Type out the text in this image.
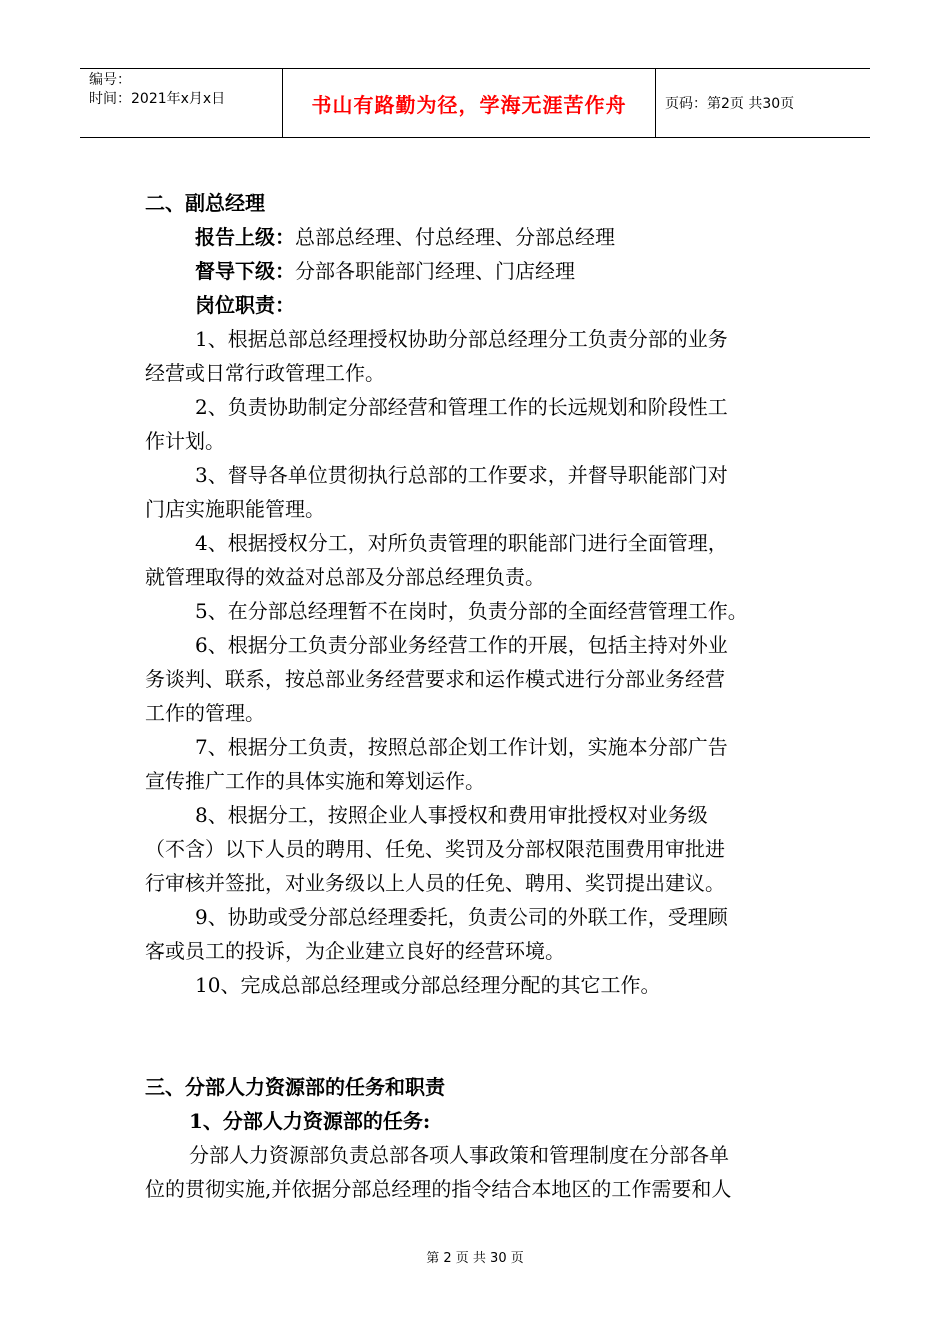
编号：
时间：2021年x月x日	书山有路勤为径，学海无涯苦作舟	页码：第2页 共30页
二、副总经理
报告上级：总部总经理、付总经理、分部总经理
督导下级：分部各职能部门经理、门店经理
岗位职责：
1、根据总部总经理授权协助分部总经理分工负责分部的业务
经营或日常行政管理工作。
2、负责协助制定分部经营和管理工作的长远规划和阶段性工
作计划。
3、督导各单位贯彻执行总部的工作要求，并督导职能部门对
门店实施职能管理。
4、根据授权分工，对所负责管理的职能部门进行全面管理，
就管理取得的效益对总部及分部总经理负责。
5、在分部总经理暂不在岗时，负责分部的全面经营管理工作。
6、根据分工负责分部业务经营工作的开展，包括主持对外业
务谈判、联系，按总部业务经营要求和运作模式进行分部业务经营
工作的管理。
7、根据分工负责，按照总部企划工作计划，实施本分部广告
宣传推广工作的具体实施和筹划运作。
8、根据分工，按照企业人事授权和费用审批授权对业务级
（不含）以下人员的聘用、任免、奖罚及分部权限范围费用审批进
行审核并签批，对业务级以上人员的任免、聘用、奖罚提出建议。
9、协助或受分部总经理委托，负责公司的外联工作，受理顾
客或员工的投诉，为企业建立良好的经营环境。
10、完成总部总经理或分部总经理分配的其它工作。
三、分部人力资源部的任务和职责
1、分部人力资源部的任务:
分部人力资源部负责总部各项人事政策和管理制度在分部各单
位的贯彻实施,并依据分部总经理的指令结合本地区的工作需要和人
第 2 页 共 30 页
